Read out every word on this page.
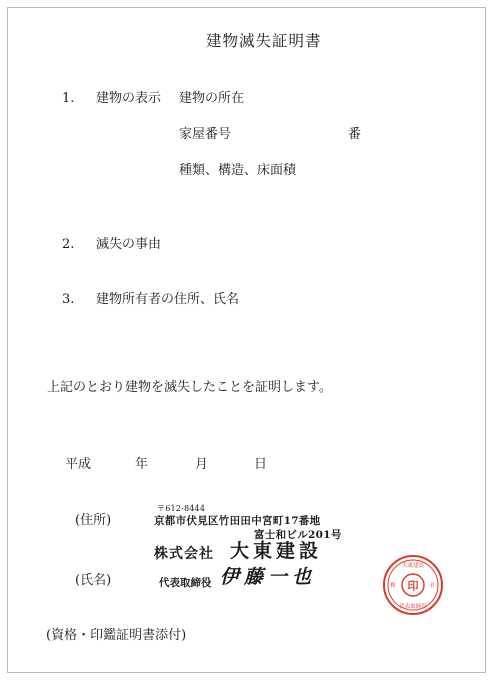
建物滅失証明書
1. 建物の表示 建物の所在
家屋番号	番
種類、構造、床面積
2. 滅失の事由
3. 建物所有者の住所、氏名
上記のとおり建物を滅失したことを証明します。
平成	年	月	日
(住所)
〒612-8444
京都市伏見区竹田田中宮町17番地
富士和ビル201号
株式会社 大東建設
(氏名)	代表取締役 伊藤一也	印
大東建設
代表取締役
株	社
(資格・印鑑証明書添付)
